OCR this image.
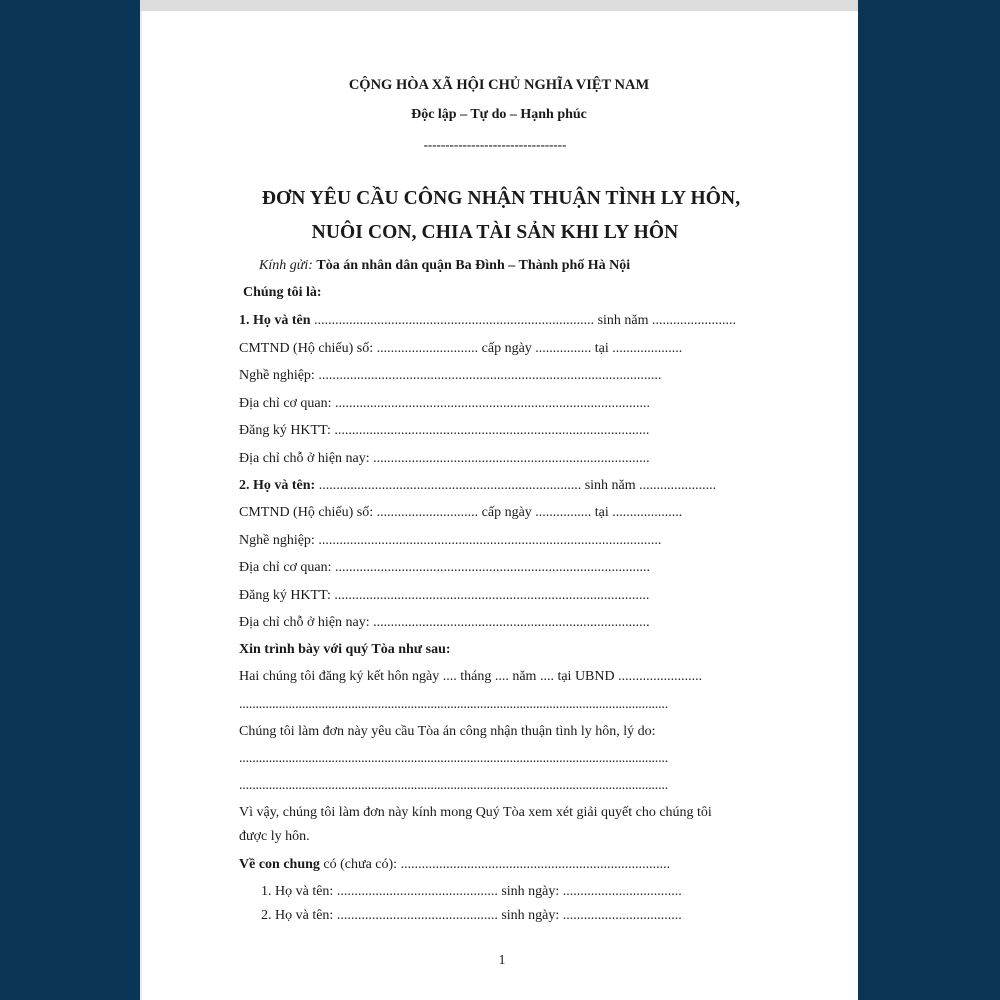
CỘNG HÒA XÃ HỘI CHỦ NGHĨA VIỆT NAM
Độc lập – Tự do – Hạnh phúc
---------------------------------
ĐƠN YÊU CẦU CÔNG NHẬN THUẬN TÌNH LY HÔN,
NUÔI CON, CHIA TÀI SẢN KHI LY HÔN
Kính gửi: Tòa án nhân dân quận Ba Đình – Thành phố Hà Nội
Chúng tôi là:
1. Họ và tên ................................................................................ sinh năm ........................
CMTND (Hộ chiếu) số: ............................. cấp ngày ................ tại ....................
Nghề nghiệp: ..................................................................................................
Địa chỉ cơ quan: ..........................................................................................
Đăng ký HKTT: ..........................................................................................
Địa chỉ chỗ ở hiện nay: ...............................................................................
2. Họ và tên: ........................................................................... sinh năm ......................
CMTND (Hộ chiếu) số: ............................. cấp ngày ................ tại ....................
Nghề nghiệp: ..................................................................................................
Địa chỉ cơ quan: ..........................................................................................
Đăng ký HKTT: ..........................................................................................
Địa chỉ chỗ ở hiện nay: ...............................................................................
Xin trình bày với quý Tòa như sau:
Hai chúng tôi đăng ký kết hôn ngày .... tháng .... năm .... tại UBND ........................
..................................................................................................................................
Chúng tôi làm đơn này yêu cầu Tòa án công nhận thuận tình ly hôn, lý do:
..................................................................................................................................
..................................................................................................................................
Vì vậy, chúng tôi làm đơn này kính mong Quý Tòa xem xét giải quyết cho chúng tôi
được ly hôn.
Về con chung có (chưa có): .............................................................................
1. Họ và tên: .............................................. sinh ngày: ..................................
2. Họ và tên: .............................................. sinh ngày: ..................................
1
